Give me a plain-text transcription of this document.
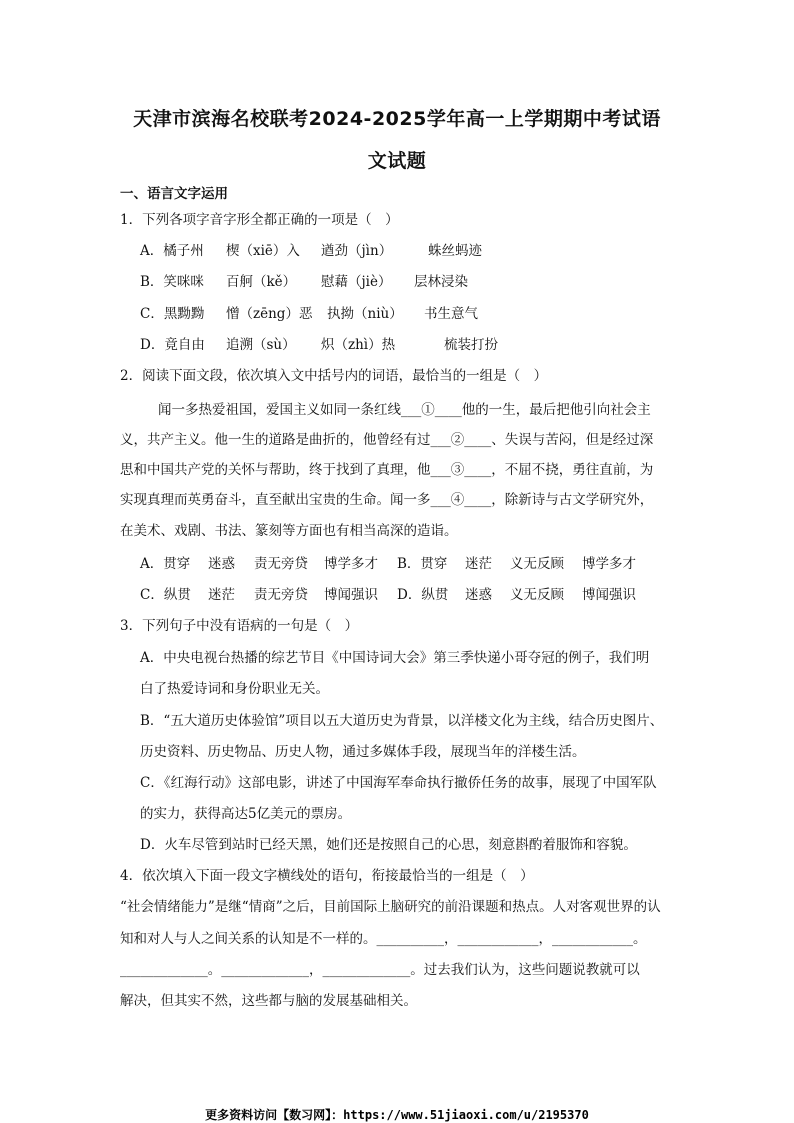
天津市滨海名校联考2024-2025学年高一上学期期中考试语
文试题
一、语言文字运用
1．下列各项字音字形全都正确的一项是（　）
A．橘子州 楔（xiē）入 遒劲（jìn）	蛛丝蚂迹
B．笑咪咪 百舸（kě） 慰藉（jiè） 层林浸染
C．黑黝黝 憎（zēng）恶 执拗（niù） 书生意气
D．竟自由 追溯（sù） 炽（zhì）热	梳装打扮
2．阅读下面文段，依次填入文中括号内的词语，最恰当的一组是（　）
闻一多热爱祖国，爱国主义如同一条红线___①____他的一生，最后把他引向社会主
义，共产主义。他一生的道路是曲折的，他曾经有过___②____、失误与苦闷，但是经过深
思和中国共产党的关怀与帮助，终于找到了真理，他___③____，不屈不挠，勇往直前，为
实现真理而英勇奋斗，直至献出宝贵的生命。闻一多___④____，除新诗与古文学研究外，
在美术、戏剧、书法、篆刻等方面也有相当高深的造诣。
A．贯穿 迷惑 责无旁贷 博学多才 B．贯穿 迷茫 义无反顾 博学多才
C．纵贯 迷茫 责无旁贷 博闻强识 D．纵贯 迷惑 义无反顾 博闻强识
3．下列句子中没有语病的一句是（　）
A．中央电视台热播的综艺节目《中国诗词大会》第三季快递小哥夺冠的例子，我们明
白了热爱诗词和身份职业无关。
B．“五大道历史体验馆”项目以五大道历史为背景，以洋楼文化为主线，结合历史图片、
历史资料、历史物品、历史人物，通过多媒体手段，展现当年的洋楼生活。
C．《红海行动》这部电影，讲述了中国海军奉命执行撤侨任务的故事，展现了中国军队
的实力，获得高达5亿美元的票房。
D．火车尽管到站时已经天黑，她们还是按照自己的心思，刻意斟酌着服饰和容貌。
4．依次填入下面一段文字横线处的语句，衔接最恰当的一组是（　）
“社会情绪能力”是继“情商”之后，目前国际上脑研究的前沿课题和热点。人对客观世界的认
知和对人与人之间关系的认知是不一样的。__________，____________，____________。
_____________。_____________，_____________。过去我们认为，这些问题说教就可以
解决，但其实不然，这些都与脑的发展基础相关。
更多资料访问【数习网】：https://www.51jiaoxi.com/u/2195370
